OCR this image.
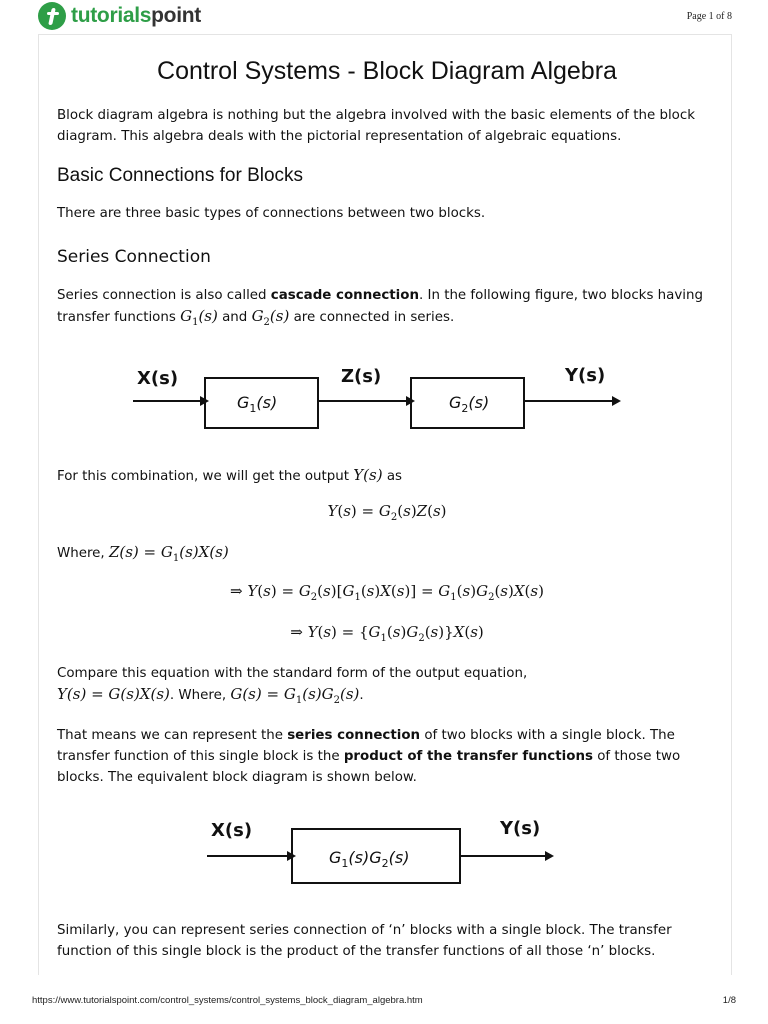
tutorialspoint	Page 1 of 8
Control Systems - Block Diagram Algebra

Block diagram algebra is nothing but the algebra involved with the basic elements of the block diagram. This algebra deals with the pictorial representation of algebraic equations.

Basic Connections for Blocks

There are three basic types of connections between two blocks.

Series Connection

Series connection is also called cascade connection. In the following figure, two blocks having transfer functions $G_1(s)$ and $G_2(s)$ are connected in series.

X(s)	Z(s)	Y(s)
$G_1(s)$	$G_2(s)$

For this combination, we will get the output Y(s) as

$Y(s) = G_2(s)Z(s)$

Where, $Z(s) = G_1(s)X(s)$

⇒ $Y(s) = G_2(s)[G_1(s)X(s)] = G_1(s)G_2(s)X(s)$
⇒ $Y(s) = \{G_1(s)G_2(s)\}X(s)$

Compare this equation with the standard form of the output equation,
Y(s) = G(s)X(s). Where, $G(s) = G_1(s)G_2(s)$.

That means we can represent the series connection of two blocks with a single block. The transfer function of this single block is the product of the transfer functions of those two blocks. The equivalent block diagram is shown below.

X(s)	Y(s)
$G_1(s)G_2(s)$

Similarly, you can represent series connection of ‘n’ blocks with a single block. The transfer function of this single block is the product of the transfer functions of all those ‘n’ blocks.

https://www.tutorialspoint.com/control_systems/control_systems_block_diagram_algebra.htm	1/8
